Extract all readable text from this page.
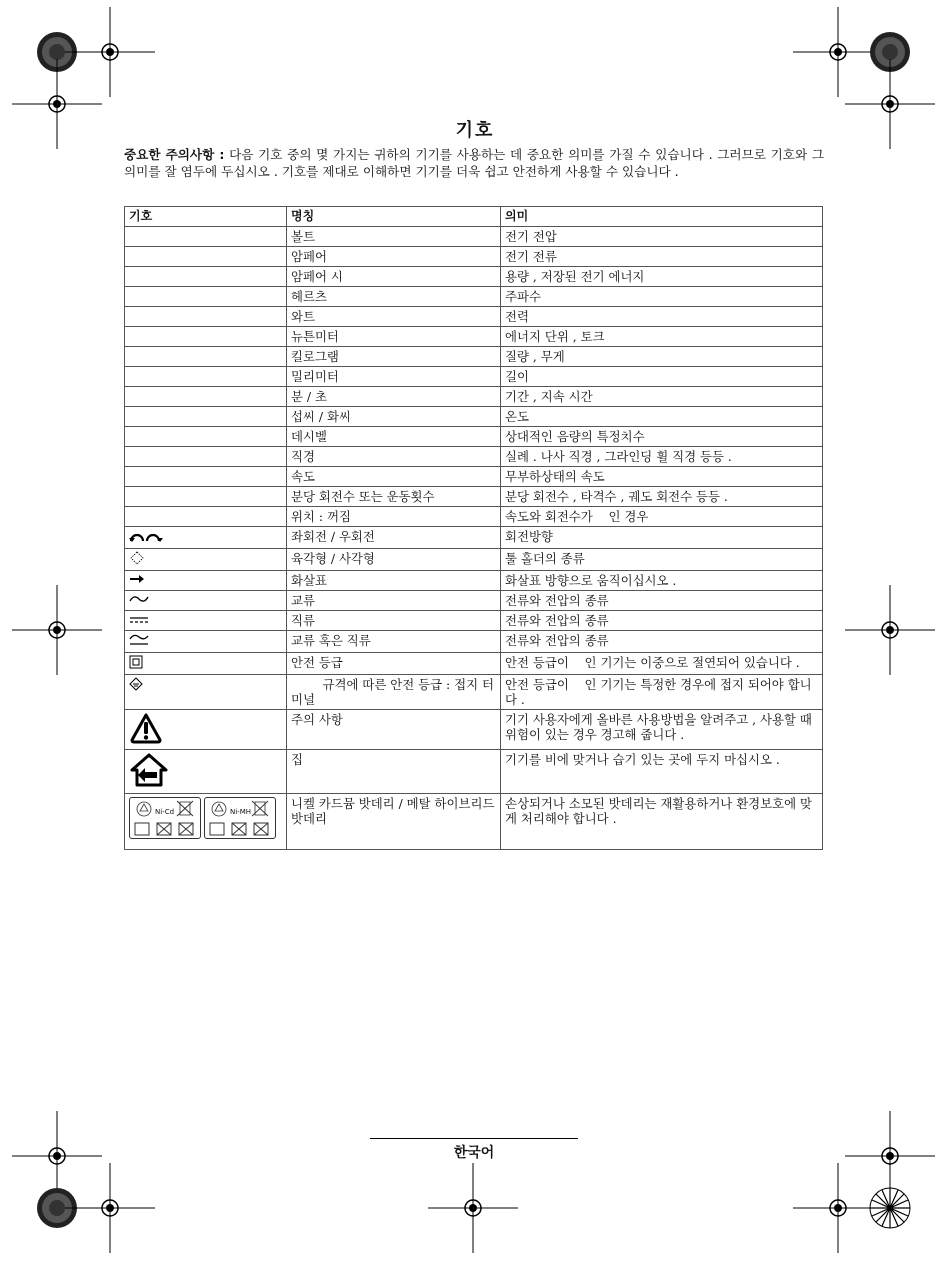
기호
중요한 주의사항 : 다음 기호 중의 몇 가지는 귀하의 기기를 사용하는 데 중요한 의미를 가질 수 있습니다 . 그러므로 기호와 그 의미를 잘 염두에 두십시오 . 기호를 제대로 이해하면 기기를 더욱 쉽고 안전하게 사용할 수 있습니다 .
기호	명칭	의미
	볼트	전기 전압
	암페어	전기 전류
	암페어 시	용량 , 저장된 전기 에너지
	헤르츠	주파수
	와트	전력
	뉴튼미터	에너지 단위 , 토크
	킬로그램	질량 , 무게
	밀리미터	길이
	분 / 초	기간 , 지속 시간
	섭씨 / 화씨	온도
	데시벨	상대적인 음량의 특정치수
	직경	실례 . 나사 직경 , 그라인딩 휠 직경 등등 .
	속도	무부하상태의 속도
	분당 회전수 또는 운동횟수	분당 회전수 , 타격수 , 궤도 회전수 등등 .
	위치 : 꺼짐	속도와 회전수가    인 경우
	좌회전 / 우회전	회전방향
	육각형 / 사각형	툴 홀더의 종류
	화살표	화살표 방향으로 움직이십시오 .
	교류	전류와 전압의 종류
	직류	전류와 전압의 종류
	교류 혹은 직류	전류와 전압의 종류
	안전 등급	안전 등급이    인 기기는 이중으로 절연되어 있습니다 .
	규격에 따른 안전 등급 : 접지 터미널	안전 등급이    인 기기는 특정한 경우에 접지 되어야 합니다 .
	주의 사항	기기 사용자에게 올바른 사용방법을 알려주고 , 사용할 때 위험이 있는 경우 경고해 줍니다 .
	집	기기를 비에 맞거나 습기 있는 곳에 두지 마십시오 .

Ni-Cd Ni-MH	니켈 카드뮴 밧데리 / 메탈 하이브리드 밧데리	손상되거나 소모된 밧데리는 재활용하거나 환경보호에 맞게 처리해야 합니다 .
한국어
